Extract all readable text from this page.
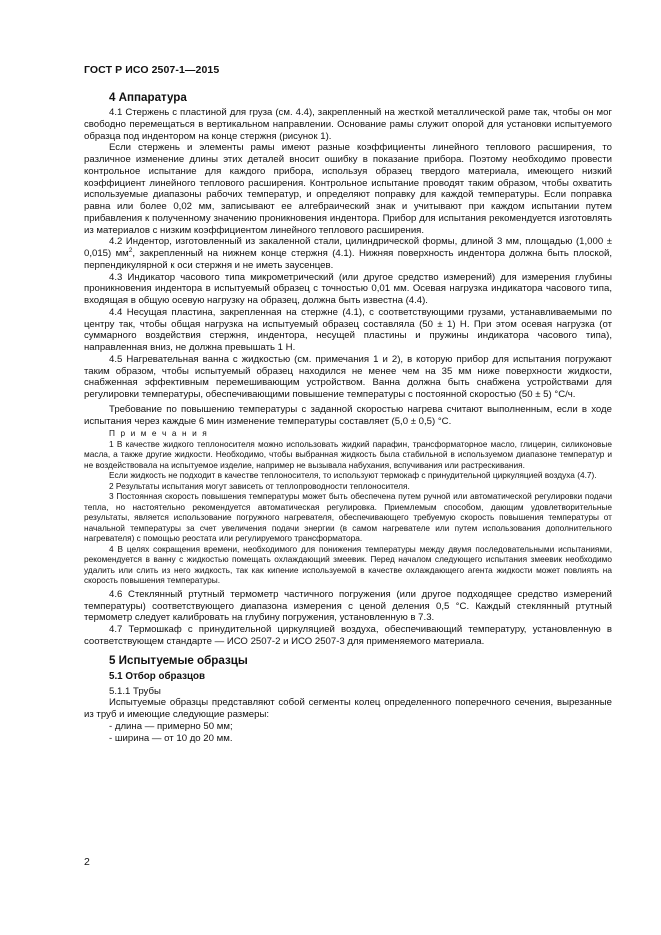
ГОСТ Р ИСО 2507-1—2015
4 Аппаратура

4.1 Стержень с пластиной для груза (см. 4.4), закрепленный на жесткой металлической раме так, чтобы он мог свободно перемещаться в вертикальном направлении. Основание рамы служит опорой для установки испытуемого образца под индентором на конце стержня (рисунок 1).

Если стержень и элементы рамы имеют разные коэффициенты линейного теплового расширения, то различное изменение длины этих деталей вносит ошибку в показание прибора. Поэтому необходимо провести контрольное испытание для каждого прибора, используя образец твердого материала, имеющего низкий коэффициент линейного теплового расширения. Контрольное испытание проводят таким образом, чтобы охватить используемые диапазоны рабочих температур, и определяют поправку для каждой температуры. Если поправка равна или более 0,02 мм, записывают ее алгебраический знак и учитывают при каждом испытании путем прибавления к полученному значению проникновения индентора. Прибор для испытания рекомендуется изготовлять из материалов с низким коэффициентом линейного теплового расширения.

4.2 Индентор, изготовленный из закаленной стали, цилиндрической формы, длиной 3 мм, площадью (1,000 ± 0,015) $мм^2$, закрепленный на нижнем конце стержня (4.1). Нижняя поверхность индентора должна быть плоской, перпендикулярной к оси стержня и не иметь заусенцев.

4.3 Индикатор часового типа микрометрический (или другое средство измерений) для измерения глубины проникновения индентора в испытуемый образец с точностью 0,01 мм. Осевая нагрузка индикатора часового типа, входящая в общую осевую нагрузку на образец, должна быть известна (4.4).

4.4 Несущая пластина, закрепленная на стержне (4.1), с соответствующими грузами, устанавливаемыми по центру так, чтобы общая нагрузка на испытуемый образец составляла (50 ± 1) Н. При этом осевая нагрузка (от суммарного воздействия стержня, индентора, несущей пластины и пружины индикатора часового типа), направленная вниз, не должна превышать 1 Н.

4.5 Нагревательная ванна с жидкостью (см. примечания 1 и 2), в которую прибор для испытания погружают таким образом, чтобы испытуемый образец находился не менее чем на 35 мм ниже поверхности жидкости, снабженная эффективным перемешивающим устройством. Ванна должна быть снабжена устройствами для регулировки температуры, обеспечивающими повышение температуры с постоянной скоростью (50 ± 5) °С/ч.

Требование по повышению температуры с заданной скоростью нагрева считают выполненным, если в ходе испытания через каждые 6 мин изменение температуры составляет (5,0 ± 0,5) °С.

П р и м е ч а н и я

1 В качестве жидкого теплоносителя можно использовать жидкий парафин, трансформаторное масло, глицерин, силиконовые масла, а также другие жидкости. Необходимо, чтобы выбранная жидкость была стабильной в используемом диапазоне температур и не воздействовала на испытуемое изделие, например не вызывала набухания, вспучивания или растрескивания.

Если жидкость не подходит в качестве теплоносителя, то используют термокаф с принудительной циркуляцией воздуха (4.7).

2 Результаты испытания могут зависеть от теплопроводности теплоносителя.

3 Постоянная скорость повышения температуры может быть обеспечена путем ручной или автоматической регулировки подачи тепла, но настоятельно рекомендуется автоматическая регулировка. Приемлемым способом, дающим удовлетворительные результаты, является использование погружного нагревателя, обеспечивающего требуемую скорость повышения температуры от начальной температуры за счет увеличения подачи энергии (в самом нагревателе или путем использования дополнительного нагревателя) с помощью реостата или регулируемого трансформатора.

4 В целях сокращения времени, необходимого для понижения температуры между двумя последовательными испытаниями, рекомендуется в ванну с жидкостью помещать охлаждающий змеевик. Перед началом следующего испытания змеевик необходимо удалить или слить из него жидкость, так как кипение используемой в качестве охлаждающего агента жидкости может повлиять на скорость повышения температуры.

4.6 Стеклянный ртутный термометр частичного погружения (или другое подходящее средство измерений температуры) соответствующего диапазона измерения с ценой деления 0,5 °С. Каждый стеклянный ртутный термометр следует калибровать на глубину погружения, установленную в 7.3.

4.7 Термошкаф с принудительной циркуляцией воздуха, обеспечивающий температуру, установленную в соответствующем стандарте — ИСО 2507-2 и ИСО 2507-3 для применяемого материала.

5 Испытуемые образцы
5.1 Отбор образцов

5.1.1 Трубы

Испытуемые образцы представляют собой сегменты колец определенного поперечного сечения, вырезанные из труб и имеющие следующие размеры:

- длина — примерно 50 мм;

- ширина — от 10 до 20 мм.

2
